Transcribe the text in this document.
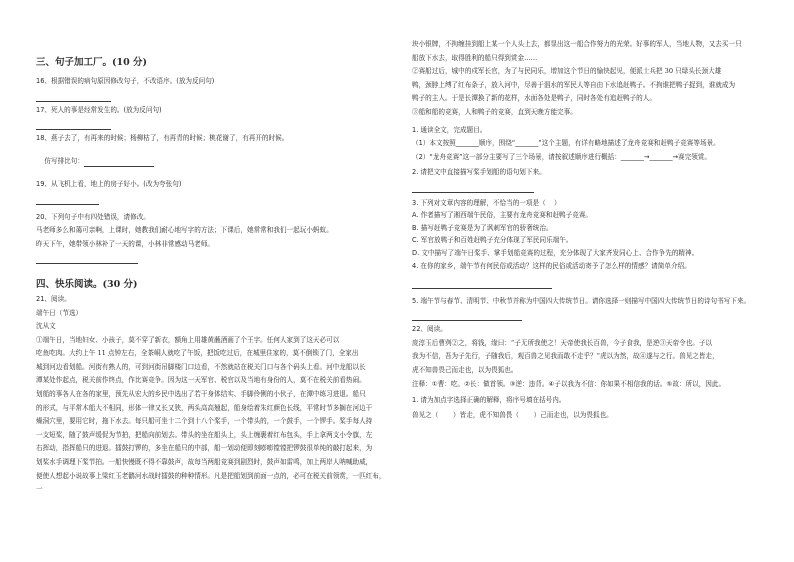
三、句子加工厂。(10 分)

16、根据错误的病句原因修改句子，不改语序。(放为反问句)

17、死人的事是经常发生的。(放为反问句)

18、燕子去了，有再来的时候；杨柳枯了，有再青的时候；桃花谢了，有再开的时候。

仿写排比句：

19、从飞机上看，地上的房子好小。(改为夸张句)

20、下列句子中有四处错误，请修改。

马老师多么和蔼可亲啊，上课时，她教我们耐心地写字的方法；下课后，她常常和我们一起玩小蚂蚁。

昨天下午，她带领小林补了一天的课，小林非常感动马老师。

四、快乐阅读。(30 分)

21、阅读。

端午日（节选）

沈从文

①端午日，当地妇女、小孩子，莫不穿了新衣，额角上用雄黄蘸酒画了个王字。任何人家到了这天必可以

吃鱼吃肉。大约上午 11 点钟左右，全茶峒人就吃了午饭，把饭吃过后，在城里住家的，莫不倒锁了门，全家出

城到河边看划船。河街有熟人的，可到河街吊脚楼门口边看，不然就站在税关门口与各个码头上看。河中龙船以长

潭某处作起点，税关前作终点，作比赛竞争。因为这一天军官、税官以及当地有身份的人，莫不在税关前看热闹。

划船的事各人在各的家里，预先从宏大的乡民中选出了若干身体结实、手脚伶俐的小伙子，在潭中练习进退。船只

的形式，与平常木船大不相同，形体一律又长又狭，两头高高翘起，船身绘着朱红颜色长线，平常时节多搁在河边干

燥洞穴里，要用它时，拖下水去。每只船可坐十二个到十八个桨手，一个带头的，一个鼓手，一个锣手。桨手每人持

一支短桨，随了鼓声缓促为节拍，把船向前划去。带头的坐在船头上，头上缠裹着红布包头，手上拿两支小令旗，左

右挥动，指挥船只的进退。擂鼓打锣的，多坐在船只的中部，船一划动便即刻嘭嘭镗镗把锣鼓很单纯的敲打起来，为

划桨水手调理下桨节拍。一船快慢既不得不靠鼓声，故每当两船竞赛到剧烈时，鼓声如雷鸣，加上两岸人呐喊助威，

便使人想起小说故事上梁红玉老鹳河水战时擂鼓的种种情形。凡是把船划到前面一点的，必可在税关前领赏，一匹红布，一

块小银牌，不拘缠挂到船上某一个人头上去，都显出这一船合作努力的光荣。好事的军人，当地人物，又去买一只

船放下水去，取得胜利的船只得到赏金……

②赛船过后，城中的戍军长官，为了与民同乐，增加这个节日的愉快起见，便派士兵把 30 只绿头长颈大雄

鸭，颈脖上缚了红布条子，放入河中，尽善于泅水的军民人等自由下水追赶鸭子。不拘谁把鸭子捉到，谁就成为

鸭子的主人。于是长潭换了新的花样，水面各处是鸭子，同时各处有追赶鸭子的人。

③船和船的竞赛，人和鸭子的竞赛，直到天晚方能完事。

1. 通读全文，完成题目。

（1）本文按照_______顺序，围绕“_______”这个主题，有详有略地描述了龙舟竞赛和赶鸭子竞赛等场景。

（2）“龙舟竞赛”这一部分主要写了三个场景，请按叙述顺序进行概括：_______→_______→赛完领赏。

2. 请把文中直接描写桨手划船的语句划下来。

3. 下列对文章内容的理解，不恰当的一项是（    ）

A. 作者描写了湘西端午民俗，主要有龙舟竞赛和赶鸭子竞赛。

B. 描写赶鸭子竞赛是为了讽刺军官的骄奢统治。

C. 军官放鸭子和百姓赶鸭子充分体现了军民同乐端午。

D. 文中描写了端午日桨手、掌手划船竞赛的过程，充分体现了大家齐发同心上、合作争先的精神。

4. 在你的家乡，端午节有何民俗或活动？这样的民俗或活动寄予了怎么样的情感？请简单介绍。

5. 端午节与春节、清明节、中秋节并称为中国四大传统节日。请你选择一则描写中国四大传统节日的诗句书写下来。

22、阅读。

庞淳玉后曹刿②之，将钱，缘曰：“子无所我使之！天帝使我长百兽，今子食我，是逆③天帝令也。子以

我为不信，吾为子先行，子随我后，观百兽之见我而敢不走乎？”虎以为然，故④遂与之行。兽见之皆走，

虎不知兽畏己而走也，以为畏狐也。

注释：①曹：吃。②长：做首领。③逆：违背。④子以我为不信：你如果不相信我的话。⑤故：所以，因此。

1. 请为加点字选择正确的解释，将序号填在括号内。

兽见之（       ）皆走，虎不知兽畏（       ）己而走也，以为畏狐也。
